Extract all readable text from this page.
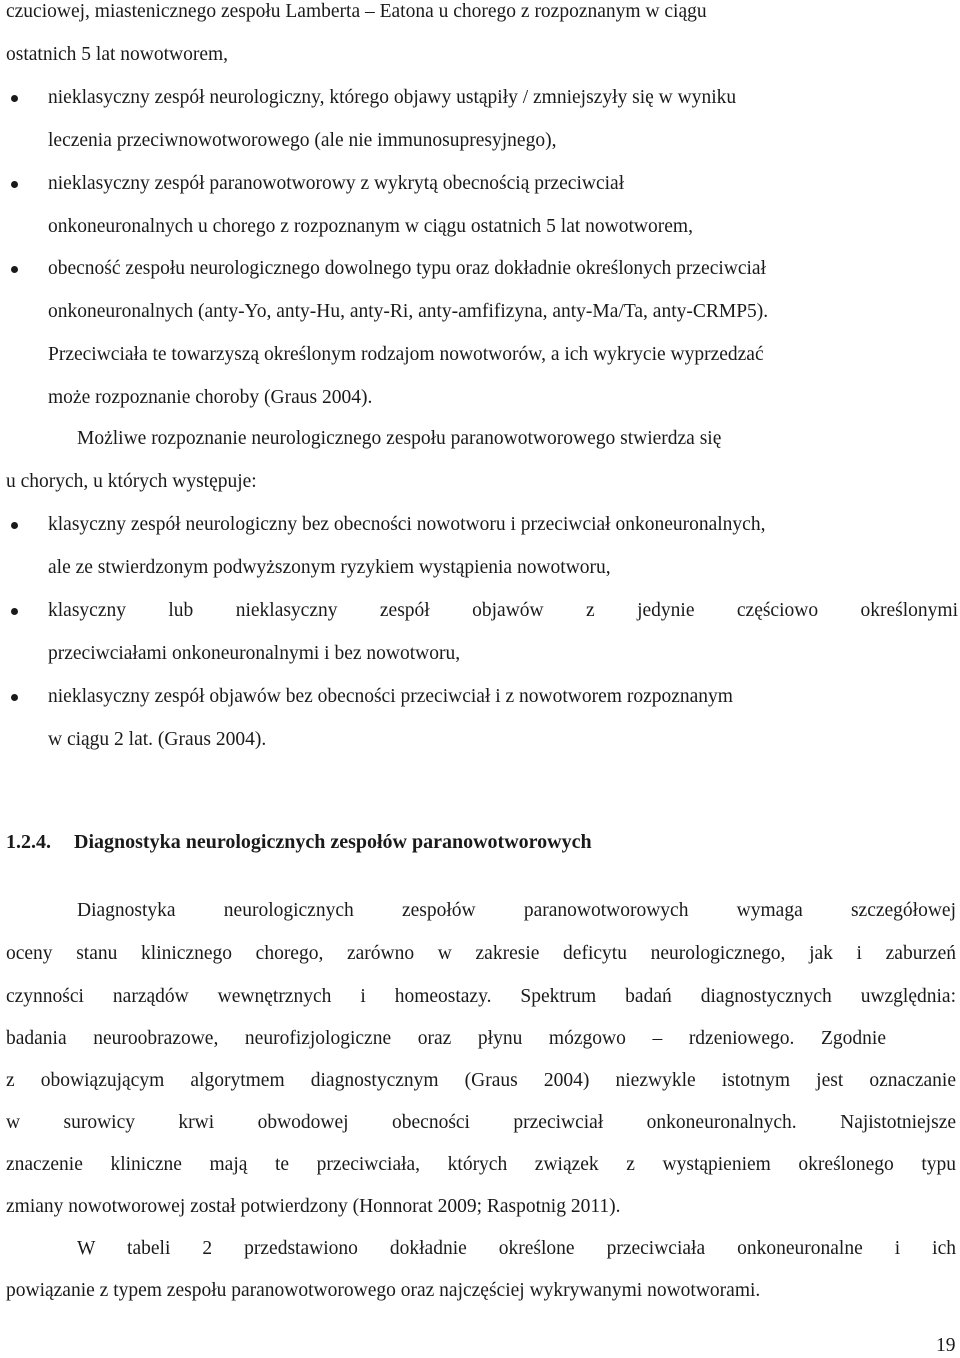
czuciowej, miastenicznego zespołu Lamberta – Eatona u chorego z rozpoznanym w ciągu
ostatnich 5 lat nowotworem,
nieklasyczny zespół neurologiczny, którego objawy ustąpiły / zmniejszyły się w wyniku
leczenia przeciwnowotworowego (ale nie immunosupresyjnego),
nieklasyczny zespół paranowotworowy z wykrytą obecnością przeciwciał
onkoneuronalnych u chorego z rozpoznanym w ciągu ostatnich 5 lat nowotworem,
obecność zespołu neurologicznego dowolnego typu oraz dokładnie określonych przeciwciał
onkoneuronalnych (anty-Yo, anty-Hu, anty-Ri, anty-amfifizyna, anty-Ma/Ta, anty-CRMP5).
Przeciwciała te towarzyszą określonym rodzajom nowotworów, a ich wykrycie wyprzedzać
może rozpoznanie choroby (Graus 2004).
Możliwe rozpoznanie neurologicznego zespołu paranowotworowego stwierdza się
u chorych, u których występuje:
klasyczny zespół neurologiczny bez obecności nowotworu i przeciwciał onkoneuronalnych,
ale ze stwierdzonym podwyższonym ryzykiem wystąpienia nowotworu,
klasyczny lub nieklasyczny zespół objawów z jedynie częściowo określonymi
przeciwciałami onkoneuronalnymi i bez nowotworu,
nieklasyczny zespół objawów bez obecności przeciwciał i z nowotworem rozpoznanym
w ciągu 2 lat. (Graus 2004).
1.2.4. Diagnostyka neurologicznych zespołów paranowotworowych
Diagnostyka neurologicznych zespołów paranowotworowych wymaga szczegółowej
oceny stanu klinicznego chorego, zarówno w zakresie deficytu neurologicznego, jak i zaburzeń
czynności narządów wewnętrznych i homeostazy. Spektrum badań diagnostycznych uwzględnia:
badania neuroobrazowe, neurofizjologiczne oraz płynu mózgowo – rdzeniowego. Zgodnie
z obowiązującym algorytmem diagnostycznym (Graus 2004) niezwykle istotnym jest oznaczanie
w surowicy krwi obwodowej obecności przeciwciał onkoneuronalnych. Najistotniejsze
znaczenie kliniczne mają te przeciwciała, których związek z wystąpieniem określonego typu
zmiany nowotworowej został potwierdzony (Honnorat 2009; Raspotnig 2011).
W tabeli 2 przedstawiono dokładnie określone przeciwciała onkoneuronalne i ich
powiązanie z typem zespołu paranowotworowego oraz najczęściej wykrywanymi nowotworami.
19
